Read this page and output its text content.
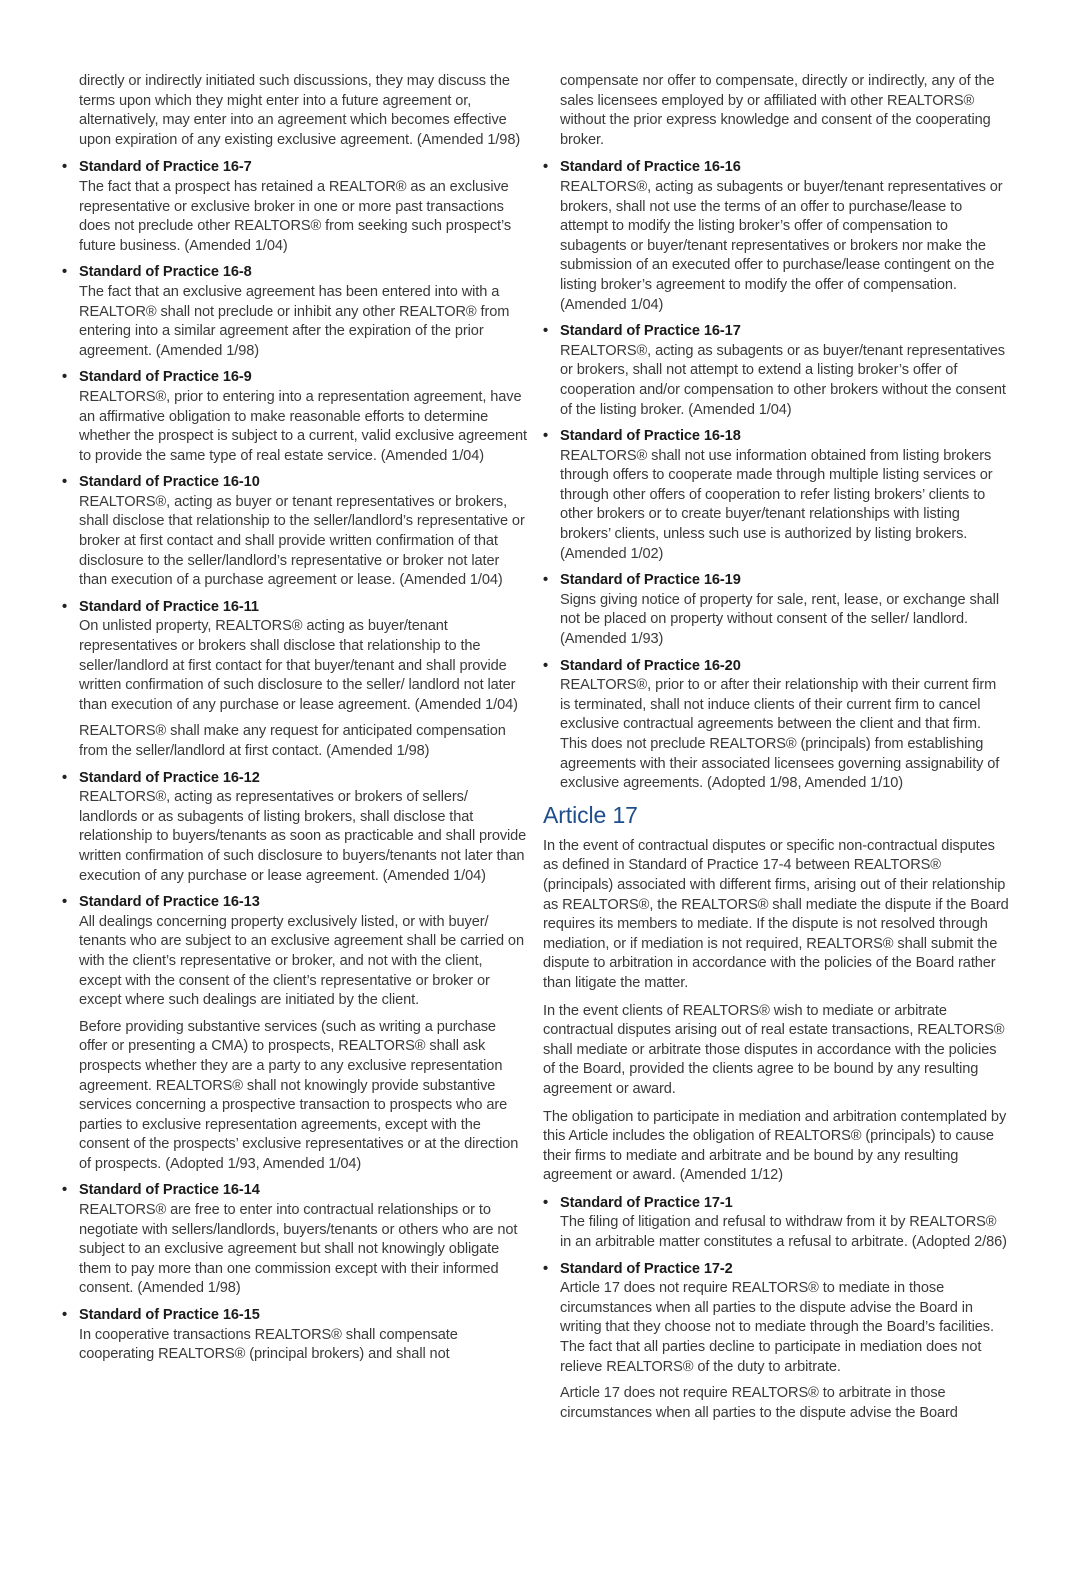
directly or indirectly initiated such discussions, they may discuss the terms upon which they might enter into a future agreement or, alternatively, may enter into an agreement which becomes effective upon expiration of any existing exclusive agreement. (Amended 1/98)

• Standard of Practice 16-7

The fact that a prospect has retained a REALTOR® as an exclusive representative or exclusive broker in one or more past transactions does not preclude other REALTORS® from seeking such prospect’s future business. (Amended 1/04)

• Standard of Practice 16-8

The fact that an exclusive agreement has been entered into with a REALTOR® shall not preclude or inhibit any other REALTOR® from entering into a similar agreement after the expiration of the prior agreement. (Amended 1/98)

• Standard of Practice 16-9

REALTORS®, prior to entering into a representation agreement, have an affirmative obligation to make reasonable efforts to determine whether the prospect is subject to a current, valid exclusive agreement to provide the same type of real estate service. (Amended 1/04)

• Standard of Practice 16-10

REALTORS®, acting as buyer or tenant representatives or brokers, shall disclose that relationship to the seller/landlord’s representative or broker at first contact and shall provide written confirmation of that disclosure to the seller/landlord’s representative or broker not later than execution of a purchase agreement or lease. (Amended 1/04)

• Standard of Practice 16-11

On unlisted property, REALTORS® acting as buyer/tenant representatives or brokers shall disclose that relationship to the seller/landlord at first contact for that buyer/tenant and shall provide written confirmation of such disclosure to the seller/ landlord not later than execution of any purchase or lease agreement. (Amended 1/04)

REALTORS® shall make any request for anticipated compensation from the seller/landlord at first contact. (Amended 1/98)

• Standard of Practice 16-12

REALTORS®, acting as representatives or brokers of sellers/ landlords or as subagents of listing brokers, shall disclose that relationship to buyers/tenants as soon as practicable and shall provide written confirmation of such disclosure to buyers/tenants not later than execution of any purchase or lease agreement. (Amended 1/04)

• Standard of Practice 16-13

All dealings concerning property exclusively listed, or with buyer/ tenants who are subject to an exclusive agreement shall be carried on with the client’s representative or broker, and not with the client, except with the consent of the client’s representative or broker or except where such dealings are initiated by the client.

Before providing substantive services (such as writing a purchase offer or presenting a CMA) to prospects, REALTORS® shall ask prospects whether they are a party to any exclusive representation agreement. REALTORS® shall not knowingly provide substantive services concerning a prospective transaction to prospects who are parties to exclusive representation agreements, except with the consent of the prospects’ exclusive representatives or at the direction of prospects. (Adopted 1/93, Amended 1/04)

• Standard of Practice 16-14

REALTORS® are free to enter into contractual relationships or to negotiate with sellers/landlords, buyers/tenants or others who are not subject to an exclusive agreement but shall not knowingly obligate them to pay more than one commission except with their informed consent. (Amended 1/98)

• Standard of Practice 16-15

In cooperative transactions REALTORS® shall compensate cooperating REALTORS® (principal brokers) and shall not

compensate nor offer to compensate, directly or indirectly, any of the sales licensees employed by or affiliated with other REALTORS® without the prior express knowledge and consent of the cooperating broker.

• Standard of Practice 16-16

REALTORS®, acting as subagents or buyer/tenant representatives or brokers, shall not use the terms of an offer to purchase/lease to attempt to modify the listing broker’s offer of compensation to subagents or buyer/tenant representatives or brokers nor make the submission of an executed offer to purchase/lease contingent on the listing broker’s agreement to modify the offer of compensation. (Amended 1/04)

• Standard of Practice 16-17

REALTORS®, acting as subagents or as buyer/tenant representatives or brokers, shall not attempt to extend a listing broker’s offer of cooperation and/or compensation to other brokers without the consent of the listing broker. (Amended 1/04)

• Standard of Practice 16-18

REALTORS® shall not use information obtained from listing brokers through offers to cooperate made through multiple listing services or through other offers of cooperation to refer listing brokers’ clients to other brokers or to create buyer/tenant relationships with listing brokers’ clients, unless such use is authorized by listing brokers. (Amended 1/02)

• Standard of Practice 16-19

Signs giving notice of property for sale, rent, lease, or exchange shall not be placed on property without consent of the seller/ landlord. (Amended 1/93)

• Standard of Practice 16-20

REALTORS®, prior to or after their relationship with their current firm is terminated, shall not induce clients of their current firm to cancel exclusive contractual agreements between the client and that firm. This does not preclude REALTORS® (principals) from establishing agreements with their associated licensees governing assignability of exclusive agreements. (Adopted 1/98, Amended 1/10)

Article 17

In the event of contractual disputes or specific non-contractual disputes as defined in Standard of Practice 17-4 between REALTORS® (principals) associated with different firms, arising out of their relationship as REALTORS®, the REALTORS® shall mediate the dispute if the Board requires its members to mediate. If the dispute is not resolved through mediation, or if mediation is not required, REALTORS® shall submit the dispute to arbitration in accordance with the policies of the Board rather than litigate the matter.

In the event clients of REALTORS® wish to mediate or arbitrate contractual disputes arising out of real estate transactions, REALTORS® shall mediate or arbitrate those disputes in accordance with the policies of the Board, provided the clients agree to be bound by any resulting agreement or award.

The obligation to participate in mediation and arbitration contemplated by this Article includes the obligation of REALTORS® (principals) to cause their firms to mediate and arbitrate and be bound by any resulting agreement or award. (Amended 1/12)

• Standard of Practice 17-1

The filing of litigation and refusal to withdraw from it by REALTORS® in an arbitrable matter constitutes a refusal to arbitrate. (Adopted 2/86)

• Standard of Practice 17-2

Article 17 does not require REALTORS® to mediate in those circumstances when all parties to the dispute advise the Board in writing that they choose not to mediate through the Board’s facilities. The fact that all parties decline to participate in mediation does not relieve REALTORS® of the duty to arbitrate.

Article 17 does not require REALTORS® to arbitrate in those circumstances when all parties to the dispute advise the Board
